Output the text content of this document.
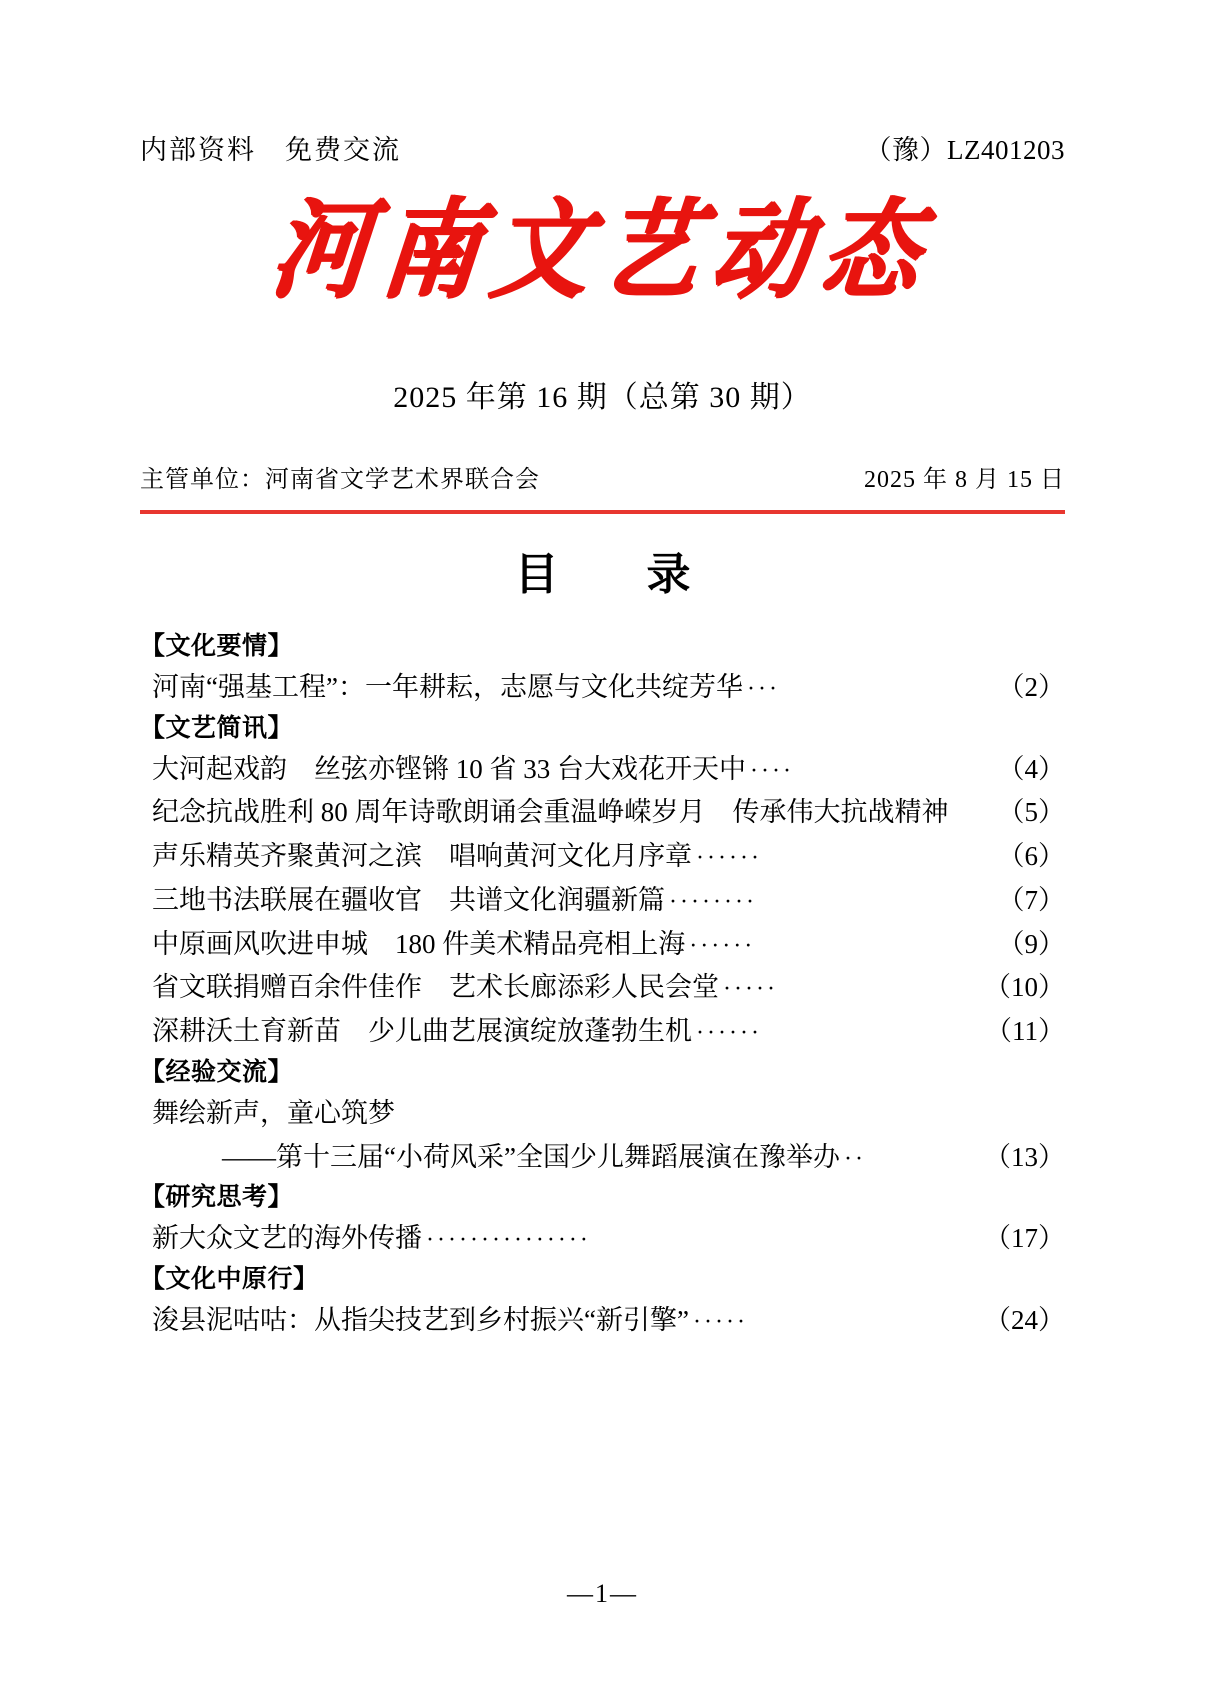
内部资料　免费交流	（豫）LZ401203
河南文艺动态
2025 年第 16 期（总第 30 期）
主管单位：河南省文学艺术界联合会	2025 年 8 月 15 日
目　录
【文化要情】
河南“强基工程”：一年耕耘，志愿与文化共绽芳华 ···	（2）
【文艺简讯】
大河起戏韵　丝弦亦铿锵 10 省 33 台大戏花开天中 ····	（4）
纪念抗战胜利 80 周年诗歌朗诵会重温峥嵘岁月　传承伟大抗战精神 （5）
声乐精英齐聚黄河之滨　唱响黄河文化月序章 ······	（6）
三地书法联展在疆收官　共谱文化润疆新篇 ········	（7）
中原画风吹进申城　180 件美术精品亮相上海 ······	（9）
省文联捐赠百余件佳作　艺术长廊添彩人民会堂 ·····	（10）
深耕沃土育新苗　少儿曲艺展演绽放蓬勃生机 ······	（11）
【经验交流】
舞绘新声，童心筑梦
——第十三届“小荷风采”全国少儿舞蹈展演在豫举办 ··	（13）
【研究思考】
新大众文艺的海外传播 ···············	（17）
【文化中原行】
浚县泥咕咕：从指尖技艺到乡村振兴“新引擎” ·····	（24）
—1—
